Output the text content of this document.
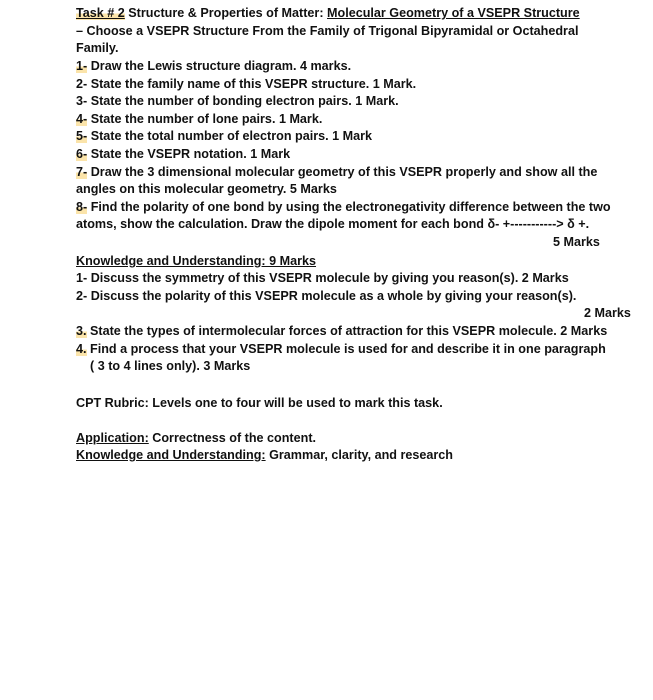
Task # 2 Structure & Properties of Matter: Molecular Geometry of a VSEPR Structure
– Choose a VSEPR Structure From the Family of Trigonal Bipyramidal or Octahedral
Family.
1- Draw the Lewis structure diagram. 4 marks.
2- State the family name of this VSEPR structure. 1 Mark.
3- State the number of bonding electron pairs. 1 Mark.
4- State the number of lone pairs. 1 Mark.
5- State the total number of electron pairs. 1 Mark
6- State the VSEPR notation. 1 Mark
7- Draw the 3 dimensional molecular geometry of this VSEPR properly and show all the
angles on this molecular geometry. 5 Marks
8- Find the polarity of one bond by using the electronegativity difference between the two
atoms, show the calculation. Draw the dipole moment for each bond δ- +-----------> δ +.
5 Marks
Knowledge and Understanding: 9 Marks
1- Discuss the symmetry of this VSEPR molecule by giving you reason(s). 2 Marks
2- Discuss the polarity of this VSEPR molecule as a whole by giving your reason(s).
2 Marks
3. State the types of intermolecular forces of attraction for this VSEPR molecule. 2 Marks
4. Find a process that your VSEPR molecule is used for and describe it in one paragraph
( 3 to 4 lines only). 3 Marks
CPT Rubric: Levels one to four will be used to mark this task.
Application: Correctness of the content.
Knowledge and Understanding: Grammar, clarity, and research
